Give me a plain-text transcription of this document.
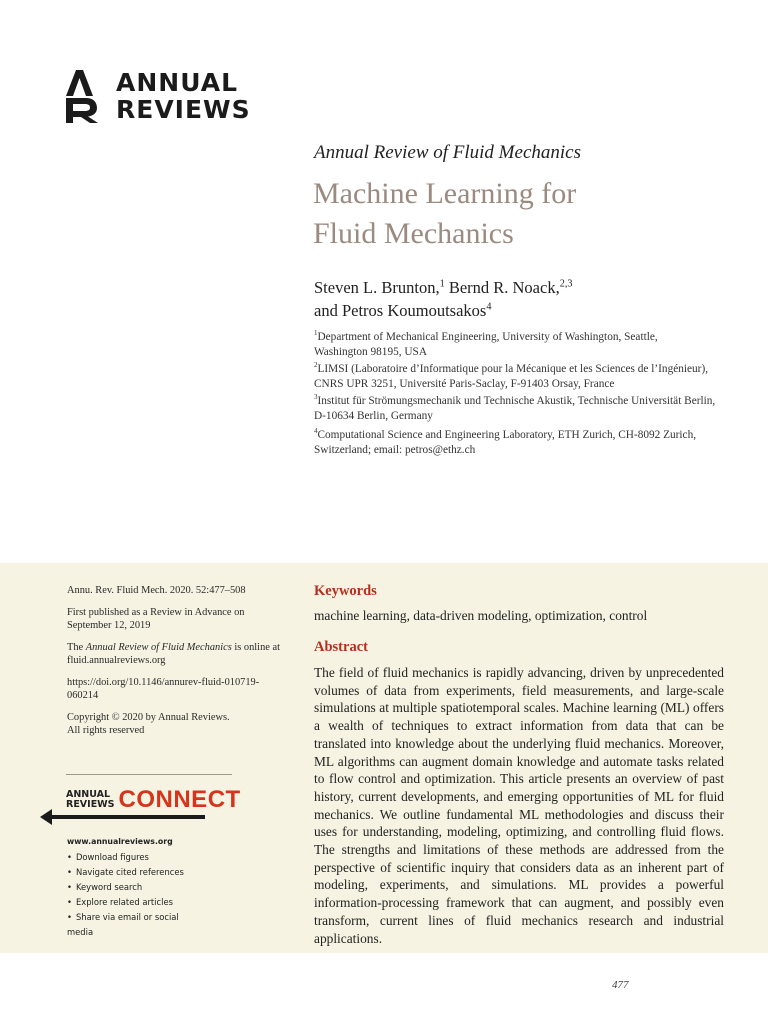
ANNUAL
REVIEWS
Annual Review of Fluid Mechanics
Machine Learning for
Fluid Mechanics
Steven L. Brunton,$^1$ Bernd R. Noack,$^{2,3}$
and Petros Koumoutsakos$^4$
$^1$Department of Mechanical Engineering, University of Washington, Seattle,
Washington 98195, USA
$^2$LIMSI (Laboratoire d’Informatique pour la Mécanique et les Sciences de l’Ingénieur),
CNRS UPR 3251, Université Paris-Saclay, F-91403 Orsay, France
$^3$Institut für Strömungsmechanik und Technische Akustik, Technische Universität Berlin,
D-10634 Berlin, Germany
$^4$Computational Science and Engineering Laboratory, ETH Zurich, CH-8092 Zurich,
Switzerland; email: petros@ethz.ch

Annu. Rev. Fluid Mech. 2020. 52:477–508

First published as a Review in Advance on
September 12, 2019

The Annual Review of Fluid Mechanics is online at
fluid.annualreviews.org

https://doi.org/10.1146/annurev-fluid-010719-
060214

Copyright © 2020 by Annual Reviews.
All rights reserved

ANNUAL
REVIEWS CONNECT
www.annualreviews.org
• Download figures
• Navigate cited references
• Keyword search
• Explore related articles
• Share via email or social media
Keywords
machine learning, data-driven modeling, optimization, control
Abstract
The field of fluid mechanics is rapidly advancing, driven by unprecedented volumes of data from experiments, field measurements, and large-scale simulations at multiple spatiotemporal scales. Machine learning (ML) offers a wealth of techniques to extract information from data that can be translated into knowledge about the underlying fluid mechanics. Moreover, ML algorithms can augment domain knowledge and automate tasks related to flow control and optimization. This article presents an overview of past history, current developments, and emerging opportunities of ML for fluid mechanics. We outline fundamental ML methodologies and discuss their uses for understanding, modeling, optimizing, and controlling fluid flows. The strengths and limitations of these methods are addressed from the perspective of scientific inquiry that considers data as an inherent part of modeling, experiments, and simulations. ML provides a powerful information-processing framework that can augment, and possibly even transform, current lines of fluid mechanics research and industrial applications.
477
